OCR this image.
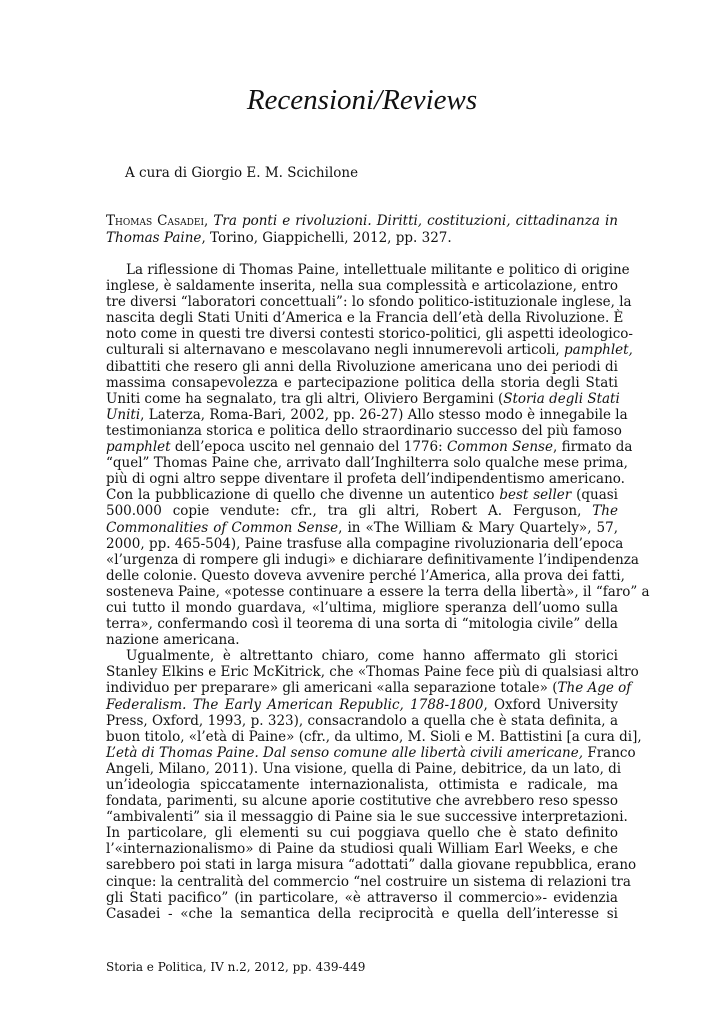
Recensioni/Reviews
A cura di Giorgio E. M. Scichilone
Thomas Casadei, Tra ponti e rivoluzioni. Diritti, costituzioni, cittadinanza in
Thomas Paine, Torino, Giappichelli, 2012, pp. 327.
La riflessione di Thomas Paine, intellettuale militante e politico di origine
inglese, è saldamente inserita, nella sua complessità e articolazione, entro
tre diversi “laboratori concettuali”: lo sfondo politico-istituzionale inglese, la
nascita degli Stati Uniti d’America e la Francia dell’età della Rivoluzione. È
noto come in questi tre diversi contesti storico-politici, gli aspetti ideologico-
culturali si alternavano e mescolavano negli innumerevoli articoli, pamphlet,
dibattiti che resero gli anni della Rivoluzione americana uno dei periodi di
massima consapevolezza e partecipazione politica della storia degli Stati
Uniti come ha segnalato, tra gli altri, Oliviero Bergamini (Storia degli Stati
Uniti, Laterza, Roma-Bari, 2002, pp. 26-27) Allo stesso modo è innegabile la
testimonianza storica e politica dello straordinario successo del più famoso
pamphlet dell’epoca uscito nel gennaio del 1776: Common Sense, firmato da
“quel” Thomas Paine che, arrivato dall’Inghilterra solo qualche mese prima,
più di ogni altro seppe diventare il profeta dell’indipendentismo americano.
Con la pubblicazione di quello che divenne un autentico best seller (quasi
500.000 copie vendute: cfr., tra gli altri, Robert A. Ferguson, The
Commonalities of Common Sense, in «The William & Mary Quartely», 57,
2000, pp. 465-504), Paine trasfuse alla compagine rivoluzionaria dell’epoca
«l’urgenza di rompere gli indugi» e dichiarare definitivamente l’indipendenza
delle colonie. Questo doveva avvenire perché l’America, alla prova dei fatti,
sosteneva Paine, «potesse continuare a essere la terra della libertà», il “faro” a
cui tutto il mondo guardava, «l’ultima, migliore speranza dell’uomo sulla
terra», confermando così il teorema di una sorta di “mitologia civile” della
nazione americana.
Ugualmente, è altrettanto chiaro, come hanno affermato gli storici
Stanley Elkins e Eric McKitrick, che «Thomas Paine fece più di qualsiasi altro
individuo per preparare» gli americani «alla separazione totale» (The Age of
Federalism. The Early American Republic, 1788-1800, Oxford University
Press, Oxford, 1993, p. 323), consacrandolo a quella che è stata definita, a
buon titolo, «l’età di Paine» (cfr., da ultimo, M. Sioli e M. Battistini [a cura di],
L’età di Thomas Paine. Dal senso comune alle libertà civili americane, Franco
Angeli, Milano, 2011). Una visione, quella di Paine, debitrice, da un lato, di
un’ideologia spiccatamente internazionalista, ottimista e radicale, ma
fondata, parimenti, su alcune aporie costitutive che avrebbero reso spesso
“ambivalenti” sia il messaggio di Paine sia le sue successive interpretazioni.
In particolare, gli elementi su cui poggiava quello che è stato definito
l’«internazionalismo» di Paine da studiosi quali William Earl Weeks, e che
sarebbero poi stati in larga misura “adottati” dalla giovane repubblica, erano
cinque: la centralità del commercio “nel costruire un sistema di relazioni tra
gli Stati pacifico” (in particolare, «è attraverso il commercio»- evidenzia
Casadei - «che la semantica della reciprocità e quella dell’interesse si
Storia e Politica, IV n.2, 2012, pp. 439-449
